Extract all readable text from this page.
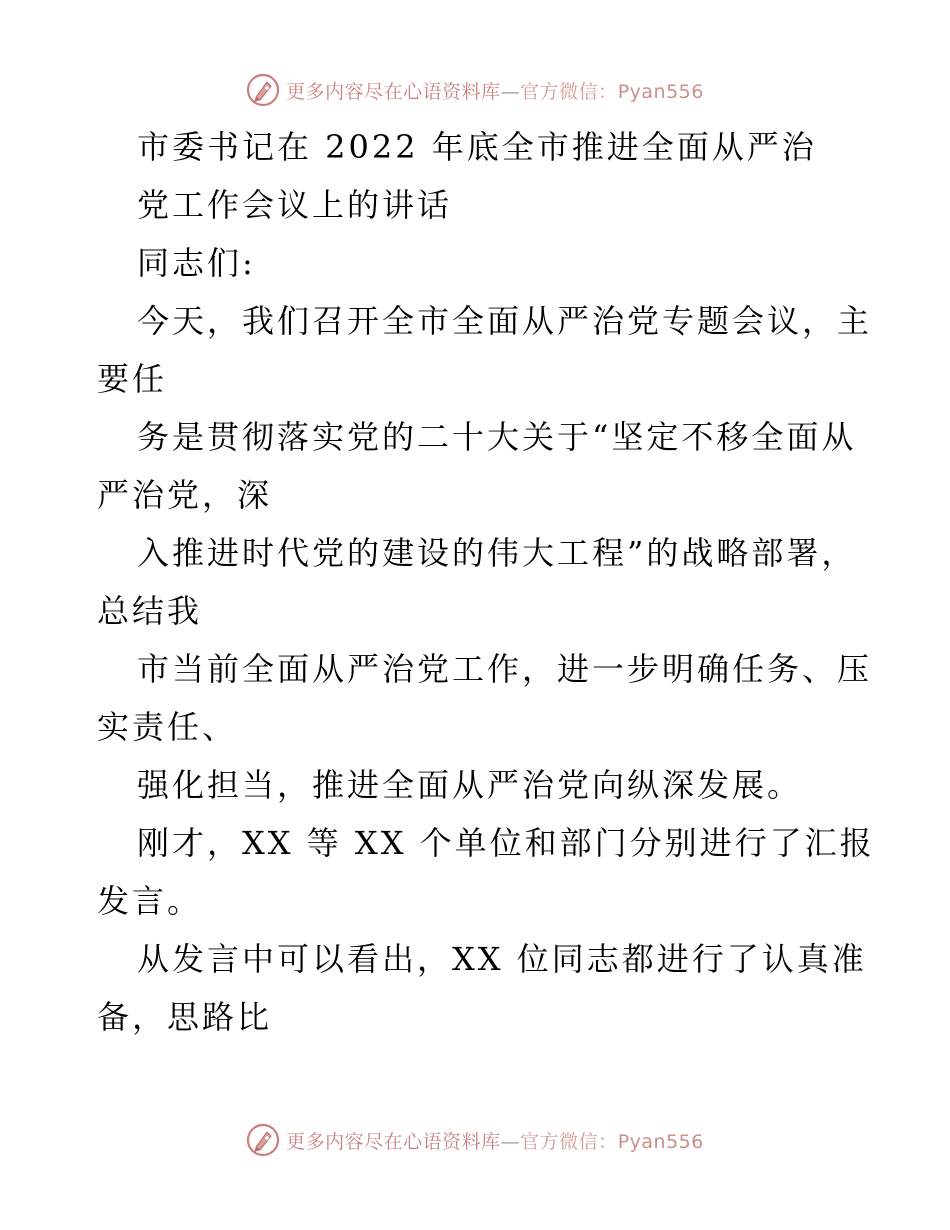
更多内容尽在心语资料库—官方微信：Pyan556
市委书记在 2022 年底全市推进全面从严治
党工作会议上的讲话
同志们:
今天，我们召开全市全面从严治党专题会议，主
要任
务是贯彻落实党的二十大关于“坚定不移全面从
严治党，深
入推进时代党的建设的伟大工程”的战略部署，
总结我
市当前全面从严治党工作，进一步明确任务、压
实责任、
强化担当，推进全面从严治党向纵深发展。
刚才，XX 等 XX 个单位和部门分别进行了汇报
发言。
从发言中可以看出，XX 位同志都进行了认真准
备，思路比
更多内容尽在心语资料库—官方微信：Pyan556
